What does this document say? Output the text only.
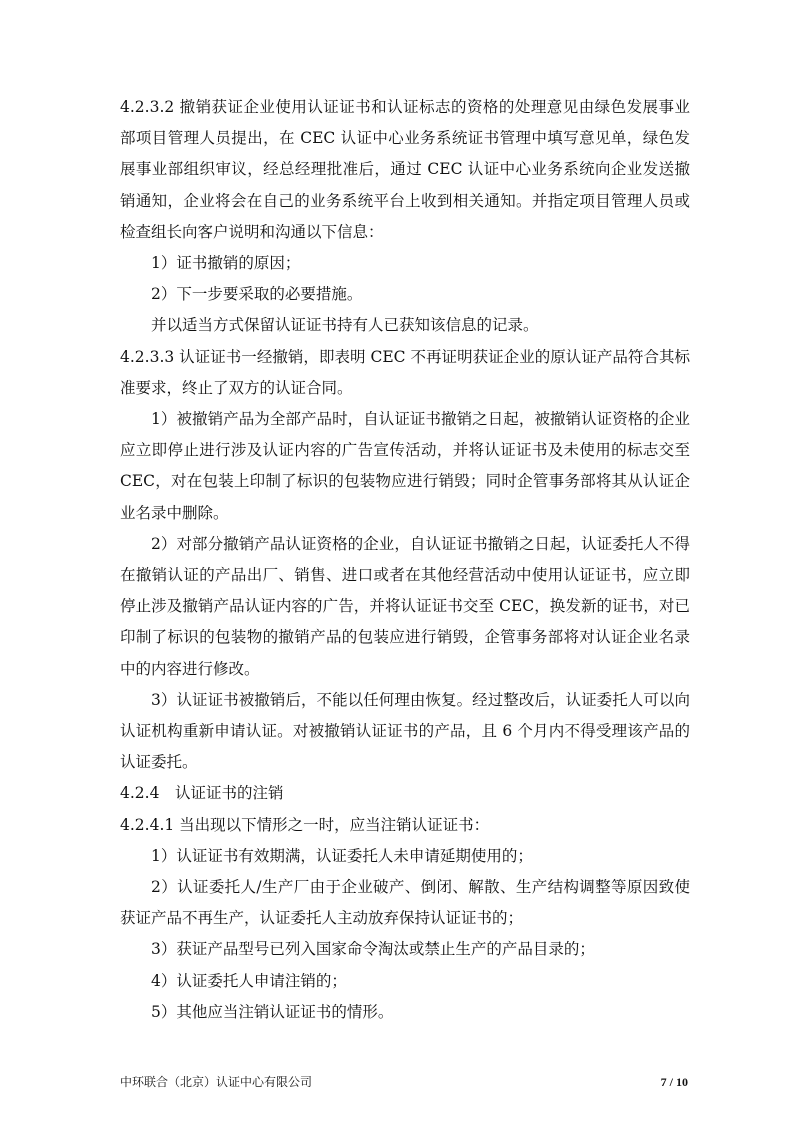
4.2.3.2 撤销获证企业使用认证证书和认证标志的资格的处理意见由绿色发展事业部项目管理人员提出，在 CEC 认证中心业务系统证书管理中填写意见单，绿色发展事业部组织审议，经总经理批准后，通过 CEC 认证中心业务系统向企业发送撤销通知，企业将会在自己的业务系统平台上收到相关通知。并指定项目管理人员或检查组长向客户说明和沟通以下信息：

1）证书撤销的原因；

2）下一步要采取的必要措施。

并以适当方式保留认证证书持有人已获知该信息的记录。

4.2.3.3 认证证书一经撤销，即表明 CEC 不再证明获证企业的原认证产品符合其标准要求，终止了双方的认证合同。

1）被撤销产品为全部产品时，自认证证书撤销之日起，被撤销认证资格的企业应立即停止进行涉及认证内容的广告宣传活动，并将认证证书及未使用的标志交至 CEC，对在包装上印制了标识的包装物应进行销毁；同时企管事务部将其从认证企业名录中删除。

2）对部分撤销产品认证资格的企业，自认证证书撤销之日起，认证委托人不得在撤销认证的产品出厂、销售、进口或者在其他经营活动中使用认证证书，应立即停止涉及撤销产品认证内容的广告，并将认证证书交至 CEC，换发新的证书，对已印制了标识的包装物的撤销产品的包装应进行销毁，企管事务部将对认证企业名录中的内容进行修改。

3）认证证书被撤销后，不能以任何理由恢复。经过整改后，认证委托人可以向认证机构重新申请认证。对被撤销认证证书的产品，且 6 个月内不得受理该产品的认证委托。

4.2.4　认证证书的注销

4.2.4.1 当出现以下情形之一时，应当注销认证证书：

1）认证证书有效期满，认证委托人未申请延期使用的；

2）认证委托人/生产厂由于企业破产、倒闭、解散、生产结构调整等原因致使获证产品不再生产，认证委托人主动放弃保持认证证书的；

3）获证产品型号已列入国家命令淘汰或禁止生产的产品目录的；

4）认证委托人申请注销的；

5）其他应当注销认证证书的情形。

中环联合（北京）认证中心有限公司	7 / 10
